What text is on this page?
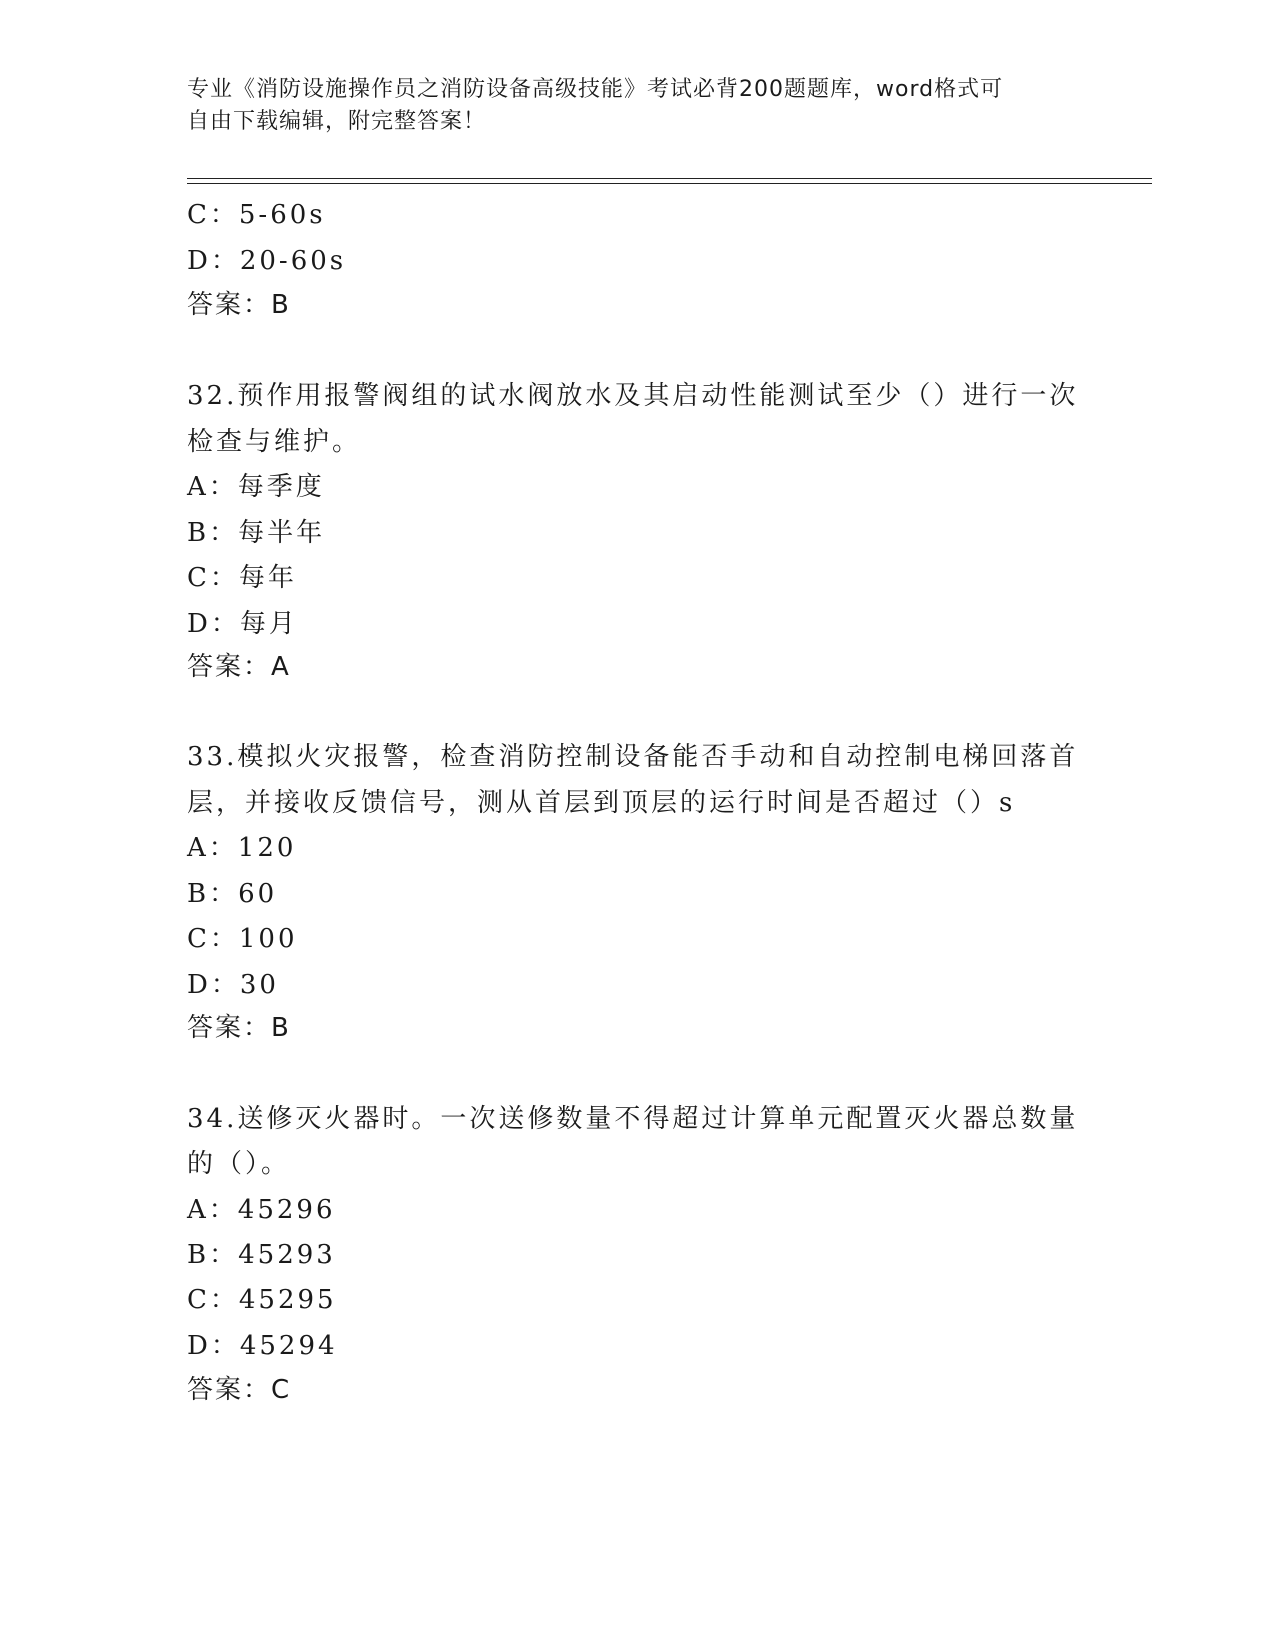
专业《消防设施操作员之消防设备高级技能》考试必背200题题库，word格式可
自由下载编辑，附完整答案！
C：5-60s
D：20-60s
答案：B
32.预作用报警阀组的试水阀放水及其启动性能测试至少（）进行一次
检查与维护。
A：每季度
B：每半年
C：每年
D：每月
答案：A
33.模拟火灾报警，检查消防控制设备能否手动和自动控制电梯回落首
层，并接收反馈信号，测从首层到顶层的运行时间是否超过（）s
A：120
B：60
C：100
D：30
答案：B
34.送修灭火器时。一次送修数量不得超过计算单元配置灭火器总数量
的（）。
A：45296
B：45293
C：45295
D：45294
答案：C
